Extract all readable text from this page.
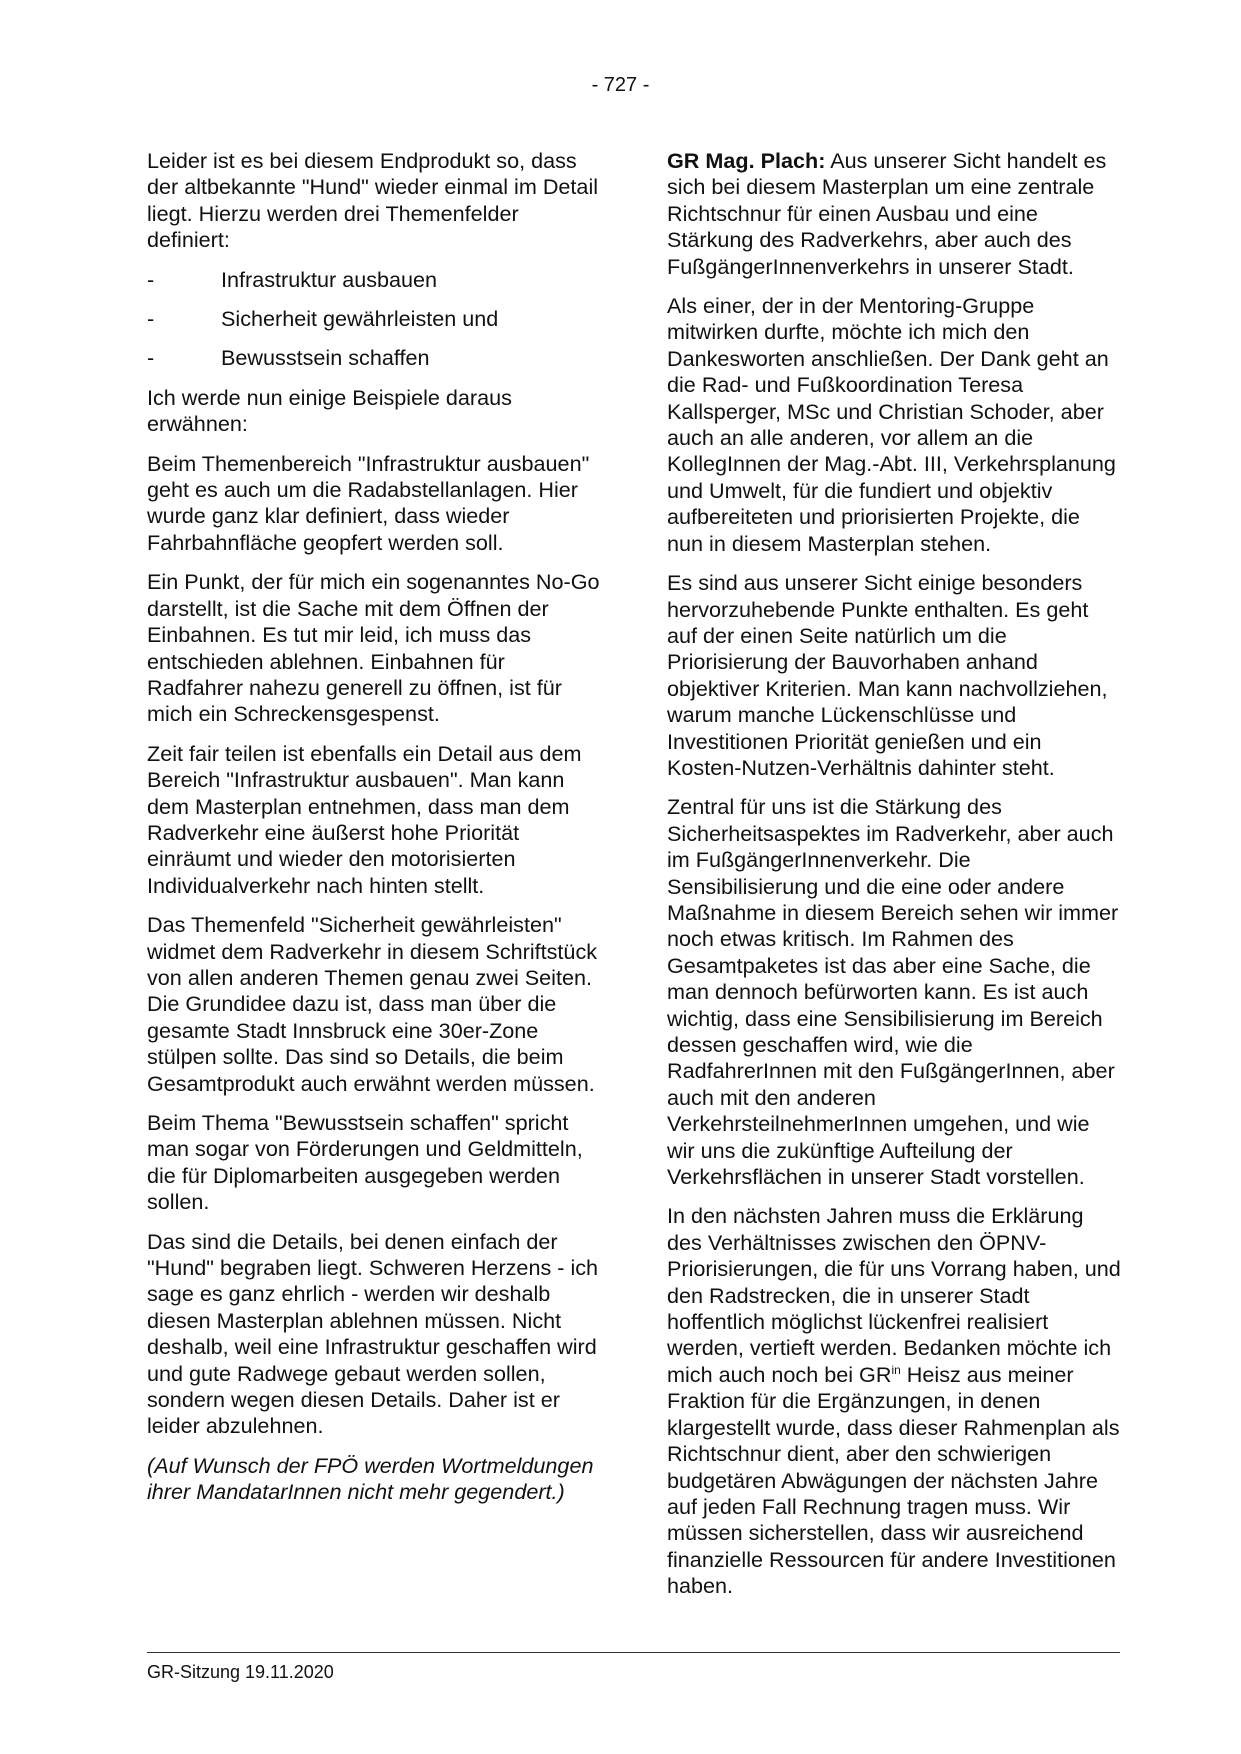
- 727 -

Leider ist es bei diesem Endprodukt so, dass der altbekannte "Hund" wieder einmal im Detail liegt. Hierzu werden drei Themenfelder definiert:

-	Infrastruktur ausbauen
-	Sicherheit gewährleisten und
-	Bewusstsein schaffen

Ich werde nun einige Beispiele daraus erwähnen:

Beim Themenbereich "Infrastruktur ausbauen" geht es auch um die Radabstellanlagen. Hier wurde ganz klar definiert, dass wieder Fahrbahnfläche geopfert werden soll.

Ein Punkt, der für mich ein sogenanntes No-Go darstellt, ist die Sache mit dem Öffnen der Einbahnen. Es tut mir leid, ich muss das entschieden ablehnen. Einbahnen für Radfahrer nahezu generell zu öffnen, ist für mich ein Schreckensgespenst.

Zeit fair teilen ist ebenfalls ein Detail aus dem Bereich "Infrastruktur ausbauen". Man kann dem Masterplan entnehmen, dass man dem Radverkehr eine äußerst hohe Priorität einräumt und wieder den motorisierten Individualverkehr nach hinten stellt.

Das Themenfeld "Sicherheit gewährleisten" widmet dem Radverkehr in diesem Schriftstück von allen anderen Themen genau zwei Seiten. Die Grundidee dazu ist, dass man über die gesamte Stadt Innsbruck eine 30er-Zone stülpen sollte. Das sind so Details, die beim Gesamtprodukt auch erwähnt werden müssen.

Beim Thema "Bewusstsein schaffen" spricht man sogar von Förderungen und Geldmitteln, die für Diplomarbeiten ausgegeben werden sollen.

Das sind die Details, bei denen einfach der "Hund" begraben liegt. Schweren Herzens - ich sage es ganz ehrlich - werden wir deshalb diesen Masterplan ablehnen müssen. Nicht deshalb, weil eine Infrastruktur geschaffen wird und gute Radwege gebaut werden sollen, sondern wegen diesen Details. Daher ist er leider abzulehnen.

(Auf Wunsch der FPÖ werden Wortmeldungen ihrer MandatarInnen nicht mehr gegendert.)

GR Mag. Plach: Aus unserer Sicht handelt es sich bei diesem Masterplan um eine zentrale Richtschnur für einen Ausbau und eine Stärkung des Radverkehrs, aber auch des FußgängerInnenverkehrs in unserer Stadt.

Als einer, der in der Mentoring-Gruppe mitwirken durfte, möchte ich mich den Dankesworten anschließen. Der Dank geht an die Rad- und Fußkoordination Teresa Kallsperger, MSc und Christian Schoder, aber auch an alle anderen, vor allem an die KollegInnen der Mag.-Abt. III, Verkehrsplanung und Umwelt, für die fundiert und objektiv aufbereiteten und priorisierten Projekte, die nun in diesem Masterplan stehen.

Es sind aus unserer Sicht einige besonders hervorzuhebende Punkte enthalten. Es geht auf der einen Seite natürlich um die Priorisierung der Bauvorhaben anhand objektiver Kriterien. Man kann nachvollziehen, warum manche Lückenschlüsse und Investitionen Priorität genießen und ein Kosten-Nutzen-Verhältnis dahinter steht.

Zentral für uns ist die Stärkung des Sicherheitsaspektes im Radverkehr, aber auch im FußgängerInnenverkehr. Die Sensibilisierung und die eine oder andere Maßnahme in diesem Bereich sehen wir immer noch etwas kritisch. Im Rahmen des Gesamtpaketes ist das aber eine Sache, die man dennoch befürworten kann. Es ist auch wichtig, dass eine Sensibilisierung im Bereich dessen geschaffen wird, wie die RadfahrerInnen mit den FußgängerInnen, aber auch mit den anderen VerkehrsteilnehmerInnen umgehen, und wie wir uns die zukünftige Aufteilung der Verkehrsflächen in unserer Stadt vorstellen.

In den nächsten Jahren muss die Erklärung des Verhältnisses zwischen den ÖPNV-Priorisierungen, die für uns Vorrang haben, und den Radstrecken, die in unserer Stadt hoffentlich möglichst lückenfrei realisiert werden, vertieft werden. Bedanken möchte ich mich auch noch bei $GR^{in}$ Heisz aus meiner Fraktion für die Ergänzungen, in denen klargestellt wurde, dass dieser Rahmenplan als Richtschnur dient, aber den schwierigen budgetären Abwägungen der nächsten Jahre auf jeden Fall Rechnung tragen muss. Wir müssen sicherstellen, dass wir ausreichend finanzielle Ressourcen für andere Investitionen haben.

GR-Sitzung 19.11.2020
